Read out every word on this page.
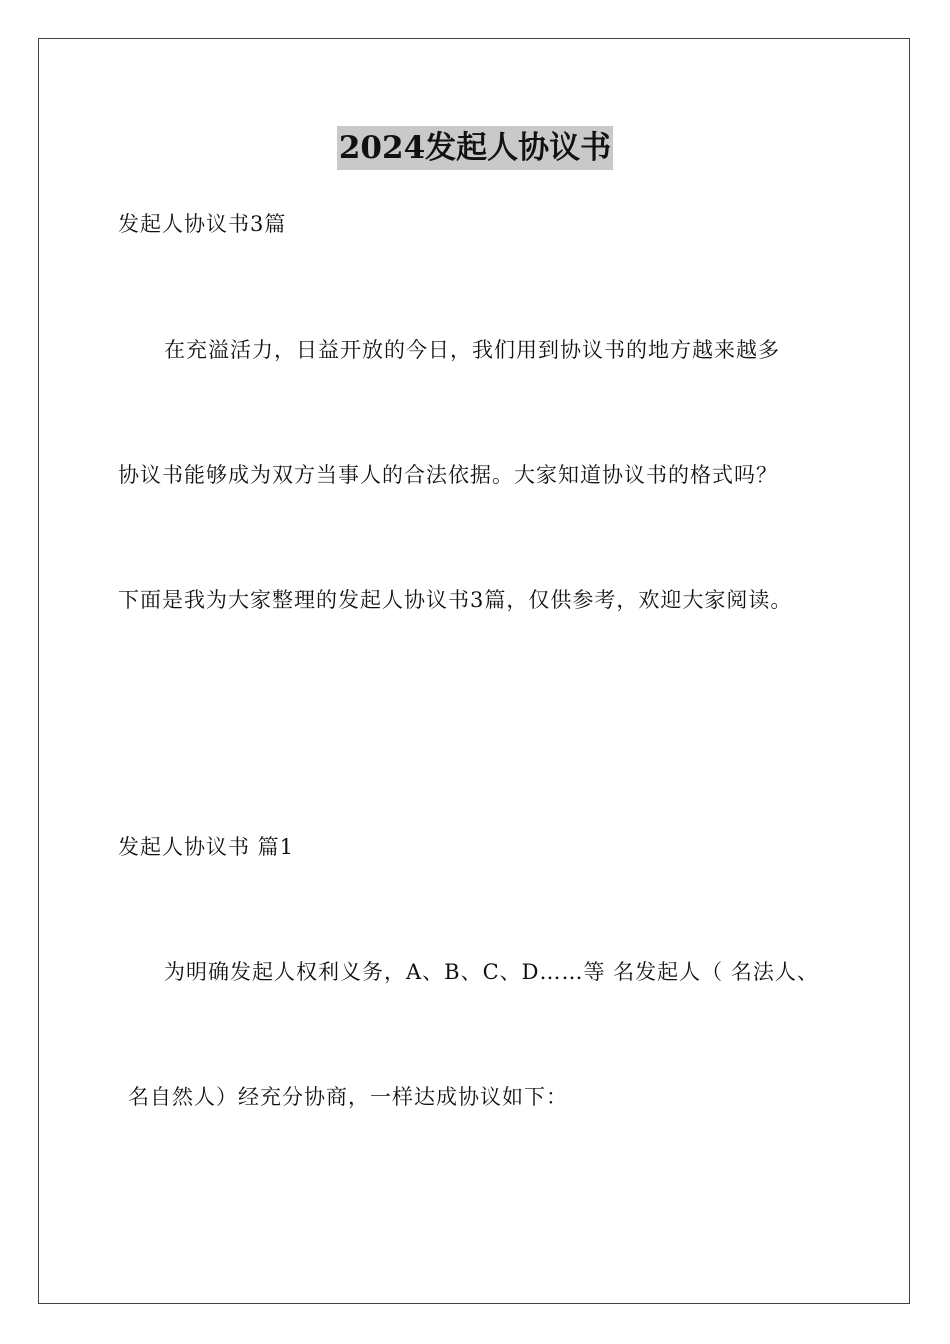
2024发起人协议书
发起人协议书3篇
在充溢活力，日益开放的今日，我们用到协议书的地方越来越多
协议书能够成为双方当事人的合法依据。大家知道协议书的格式吗？
下面是我为大家整理的发起人协议书3篇，仅供参考，欢迎大家阅读。
发起人协议书 篇1
为明确发起人权利义务，A、B、C、D……等 名发起人（ 名法人、
名自然人）经充分协商，一样达成协议如下：
